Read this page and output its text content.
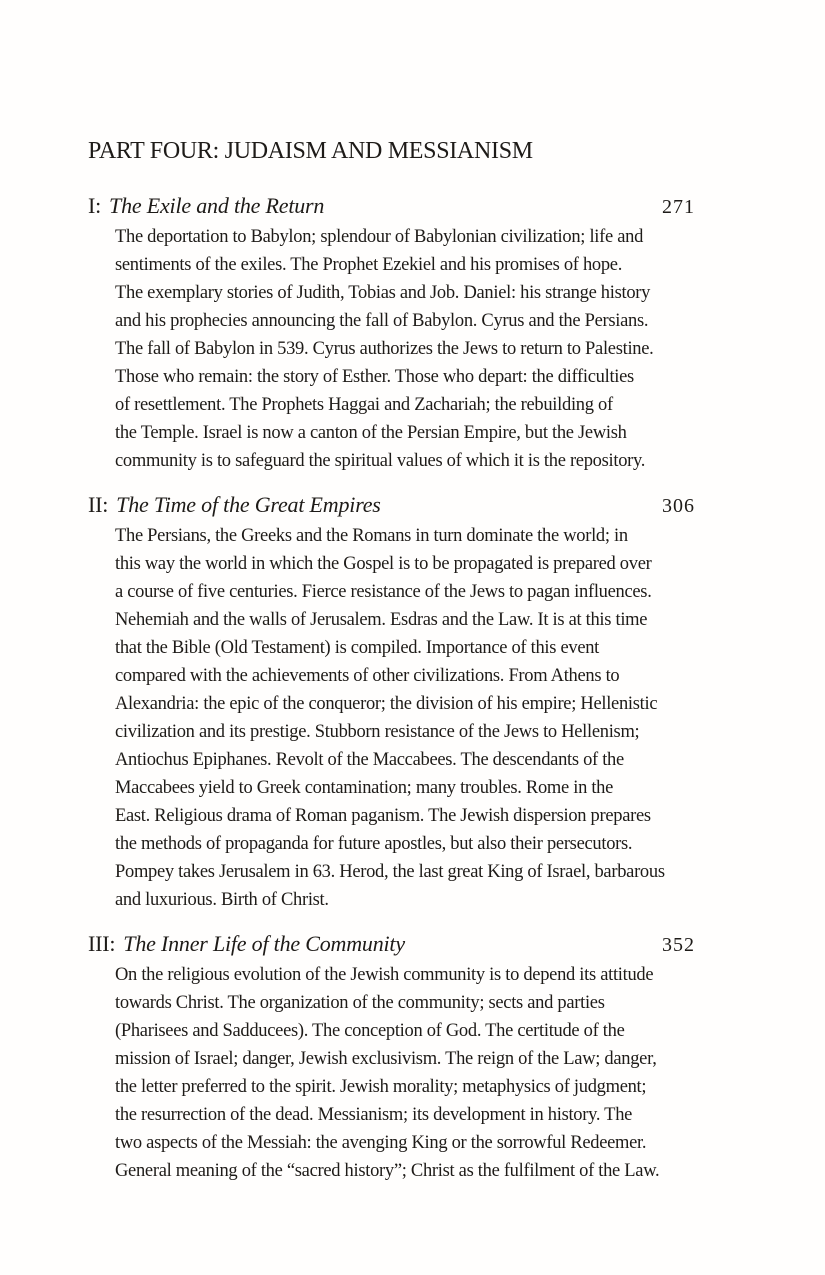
PART FOUR: JUDAISM AND MESSIANISM
I: The Exile and the Return	271
The deportation to Babylon; splendour of Babylonian civilization; life and
sentiments of the exiles. The Prophet Ezekiel and his promises of hope.
The exemplary stories of Judith, Tobias and Job. Daniel: his strange history
and his prophecies announcing the fall of Babylon. Cyrus and the Persians.
The fall of Babylon in 539. Cyrus authorizes the Jews to return to Palestine.
Those who remain: the story of Esther. Those who depart: the difficulties
of resettlement. The Prophets Haggai and Zachariah; the rebuilding of
the Temple. Israel is now a canton of the Persian Empire, but the Jewish
community is to safeguard the spiritual values of which it is the repository.
II: The Time of the Great Empires	306
The Persians, the Greeks and the Romans in turn dominate the world; in
this way the world in which the Gospel is to be propagated is prepared over
a course of five centuries. Fierce resistance of the Jews to pagan influences.
Nehemiah and the walls of Jerusalem. Esdras and the Law. It is at this time
that the Bible (Old Testament) is compiled. Importance of this event
compared with the achievements of other civilizations. From Athens to
Alexandria: the epic of the conqueror; the division of his empire; Hellenistic
civilization and its prestige. Stubborn resistance of the Jews to Hellenism;
Antiochus Epiphanes. Revolt of the Maccabees. The descendants of the
Maccabees yield to Greek contamination; many troubles. Rome in the
East. Religious drama of Roman paganism. The Jewish dispersion prepares
the methods of propaganda for future apostles, but also their persecutors.
Pompey takes Jerusalem in 63. Herod, the last great King of Israel, barbarous
and luxurious. Birth of Christ.
III: The Inner Life of the Community	352
On the religious evolution of the Jewish community is to depend its attitude
towards Christ. The organization of the community; sects and parties
(Pharisees and Sadducees). The conception of God. The certitude of the
mission of Israel; danger, Jewish exclusivism. The reign of the Law; danger,
the letter preferred to the spirit. Jewish morality; metaphysics of judgment;
the resurrection of the dead. Messianism; its development in history. The
two aspects of the Messiah: the avenging King or the sorrowful Redeemer.
General meaning of the “sacred history”; Christ as the fulfilment of the Law.
